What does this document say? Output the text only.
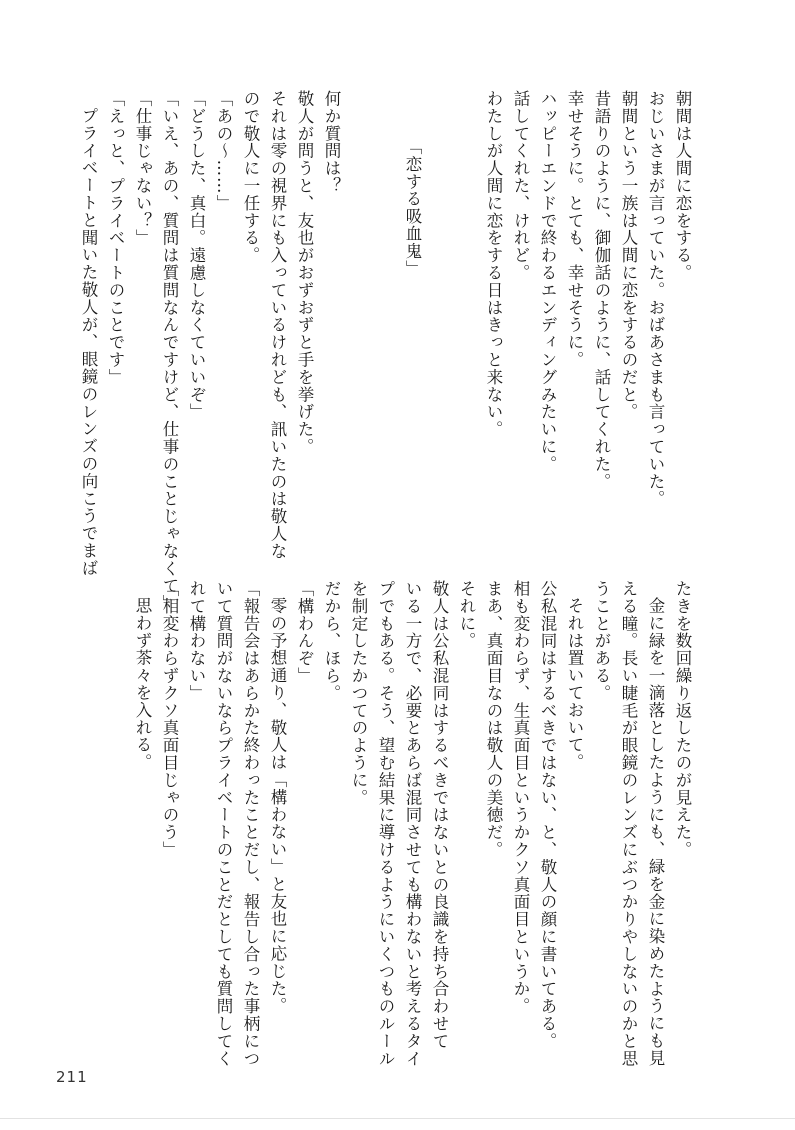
朝間は人間に恋をする。

おじいさまが言っていた。おばあさまも言っていた。

朝間という一族は人間に恋をするのだと。

昔語りのように、御伽話のように、話してくれた。

幸せそうに。とても、幸せそうに。

ハッピーエンドで終わるエンディングみたいに。

話してくれた、けれど。

わたしが人間に恋をする日はきっと来ない。

「恋する吸血鬼」

何か質問は？

敬人が問うと、友也がおずおずと手を挙げた。

それは零の視界にも入っているけれども、訊いたのは敬人な

ので敬人に一任する。

「あの～……」

「どうした、真白。遠慮しなくていいぞ」

「いえ、あの、質問は質問なんですけど、仕事のことじゃなくて」

「仕事じゃない？」

「えっと、プライベートのことです」

プライベートと聞いた敬人が、眼鏡のレンズの向こうでまば

たきを数回繰り返したのが見えた。

金に緑を一滴落としたようにも、緑を金に染めたようにも見

える瞳。長い睫毛が眼鏡のレンズにぶつかりやしないのかと思

うことがある。

それは置いておいて。

公私混同はするべきではない、と、敬人の顔に書いてある。

相も変わらず、生真面目というかクソ真面目というか。

まあ、真面目なのは敬人の美徳だ。

それに。

敬人は公私混同はするべきではないとの良識を持ち合わせて

いる一方で、必要とあらば混同させても構わないと考えるタイ

プでもある。そう、望む結果に導けるようにいくつものルール

を制定したかつてのように。

だから、ほら。

「構わんぞ」

零の予想通り、敬人は「構わない」と友也に応じた。

「報告会はあらかた終わったことだし、報告し合った事柄につ

いて質問がないならプライベートのことだとしても質問してく

れて構わない」

「相変わらずクソ真面目じゃのう」

思わず茶々を入れる。

211
